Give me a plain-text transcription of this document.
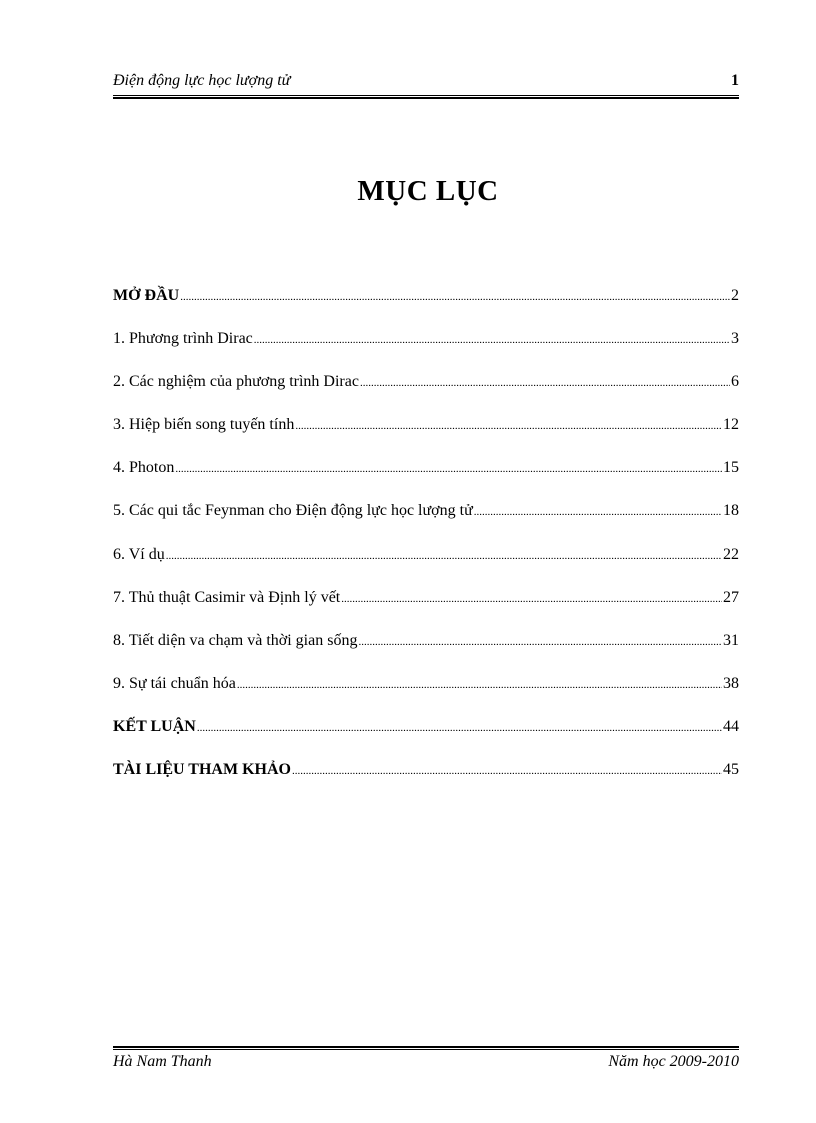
Điện động lực học lượng tử	1
MỤC LỤC
MỞ ĐẦU .....	2
1. Phương trình Dirac .....	3
2. Các nghiệm của phương trình Dirac .....	6
3. Hiệp biến song tuyến tính .....	12
4. Photon .....	15
5. Các qui tắc Feynman cho Điện động lực học lượng tử .....	18
6. Ví dụ .....	22
7. Thủ thuật Casimir và Định lý vết .....	27
8. Tiết diện va chạm và thời gian sống .....	31
9. Sự tái chuẩn hóa .....	38
KẾT LUẬN .....	44
TÀI LIỆU THAM KHẢO .....	45
Hà Nam Thanh	Năm học 2009-2010
